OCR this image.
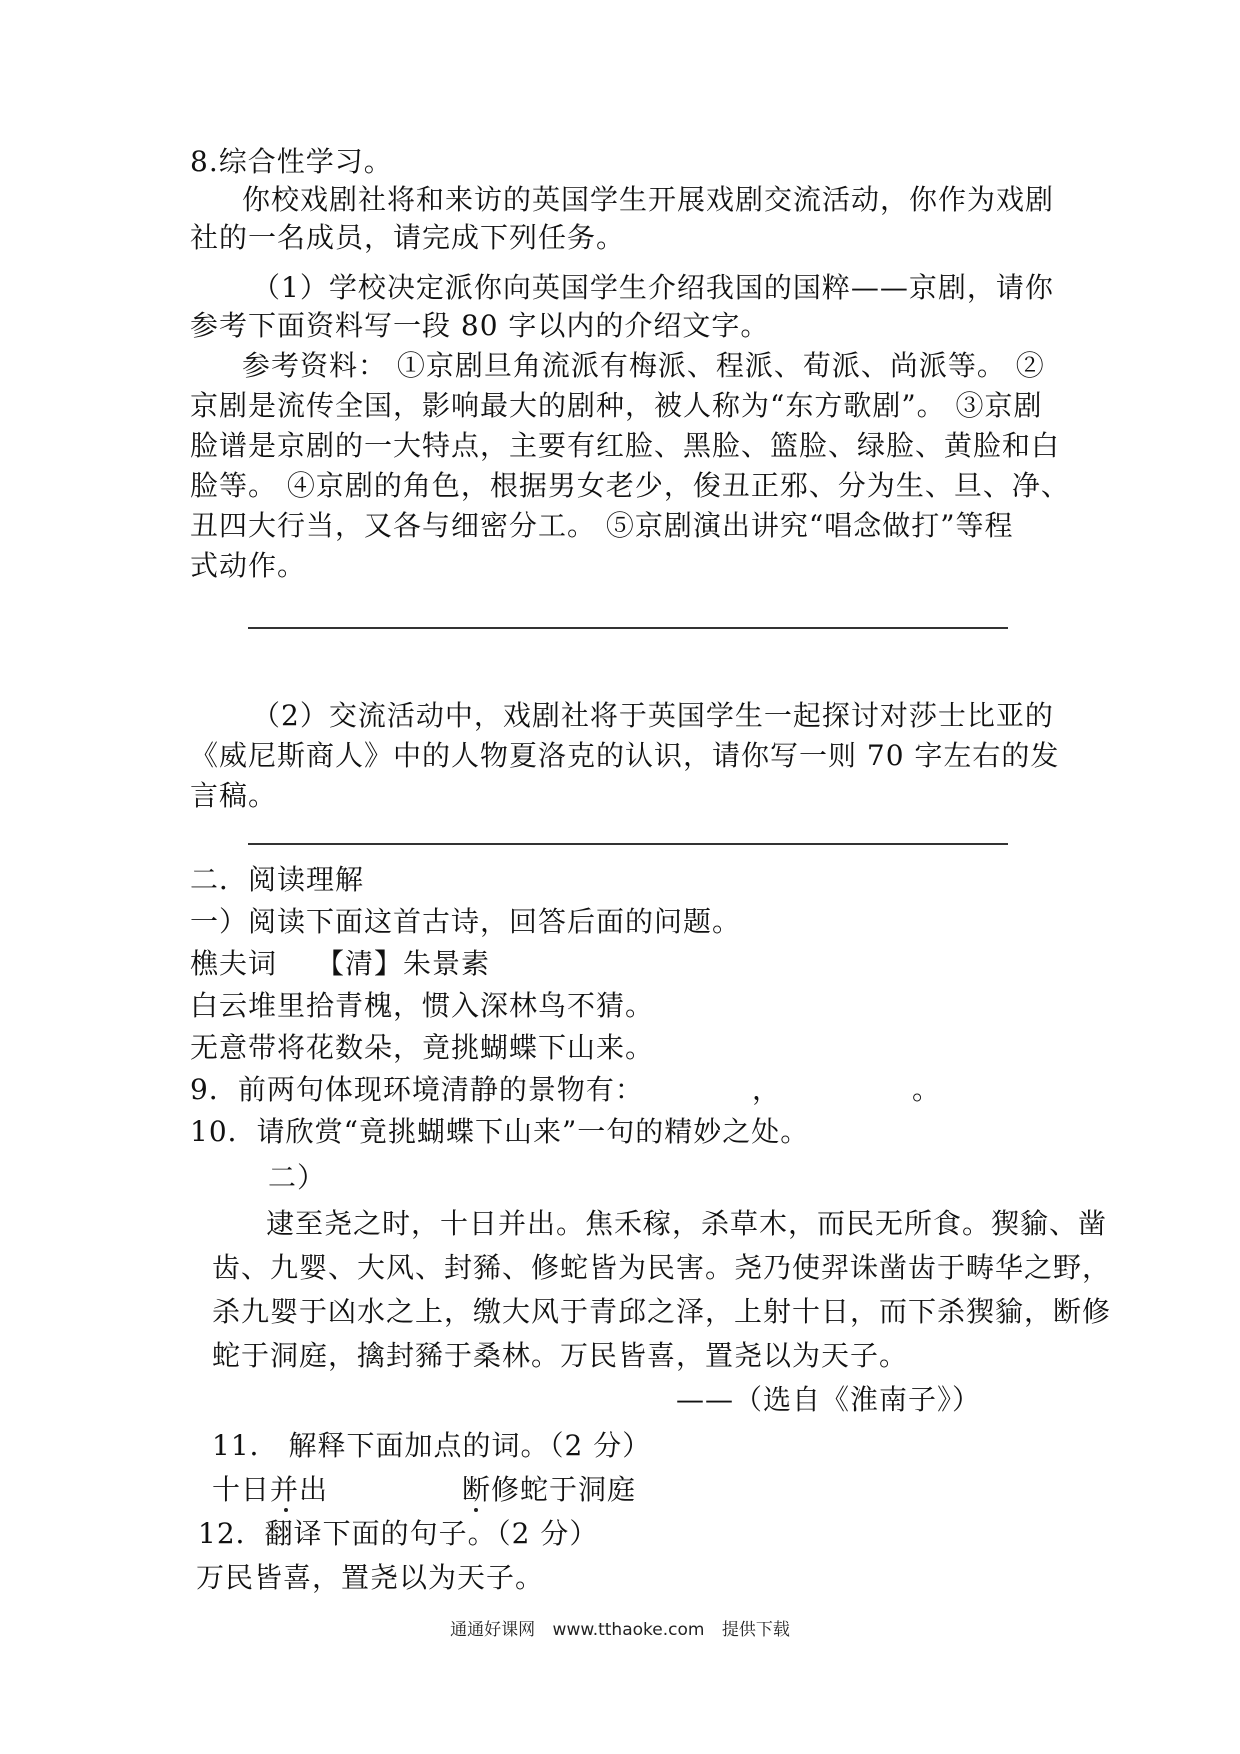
8.综合性学习。
你校戏剧社将和来访的英国学生开展戏剧交流活动，你作为戏剧
社的一名成员，请完成下列任务。
（1）学校决定派你向英国学生介绍我国的国粹——京剧，请你
参考下面资料写一段 80 字以内的介绍文字。
参考资料： ①京剧旦角流派有梅派、程派、荀派、尚派等。 ②
京剧是流传全国，影响最大的剧种，被人称为“东方歌剧”。 ③京剧
脸谱是京剧的一大特点，主要有红脸、黑脸、篮脸、绿脸、黄脸和白
脸等。 ④京剧的角色，根据男女老少，俊丑正邪、分为生、旦、净、
丑四大行当，又各与细密分工。 ⑤京剧演出讲究“唱念做打”等程
式动作。
（2）交流活动中，戏剧社将于英国学生一起探讨对莎士比亚的
《威尼斯商人》中的人物夏洛克的认识，请你写一则 70 字左右的发
言稿。
二．阅读理解
一）阅读下面这首古诗，回答后面的问题。
樵夫词 【清】朱景素
白云堆里拾青槐，惯入深林鸟不猜。
无意带将花数朵，竟挑蝴蝶下山来。
9．前两句体现环境清静的景物有：	，	。
10．请欣赏“竟挑蝴蝶下山来”一句的精妙之处。
二）
逮至尧之时，十日并出。焦禾稼，杀草木，而民无所食。猰貐、凿
齿、九婴、大风、封豨、修蛇皆为民害。尧乃使羿诛凿齿于畴华之野，
杀九婴于凶水之上，缴大风于青邱之泽，上射十日，而下杀猰貐，断修
蛇于洞庭，擒封豨于桑林。万民皆喜，置尧以为天子。
——（选自《淮南子》）
11． 解释下面加点的词。（2 分）
十日并出	断修蛇于洞庭
12．翻译下面的句子。（2 分）
万民皆喜，置尧以为天子。
通通好课网 www.tthaoke.com 提供下载
